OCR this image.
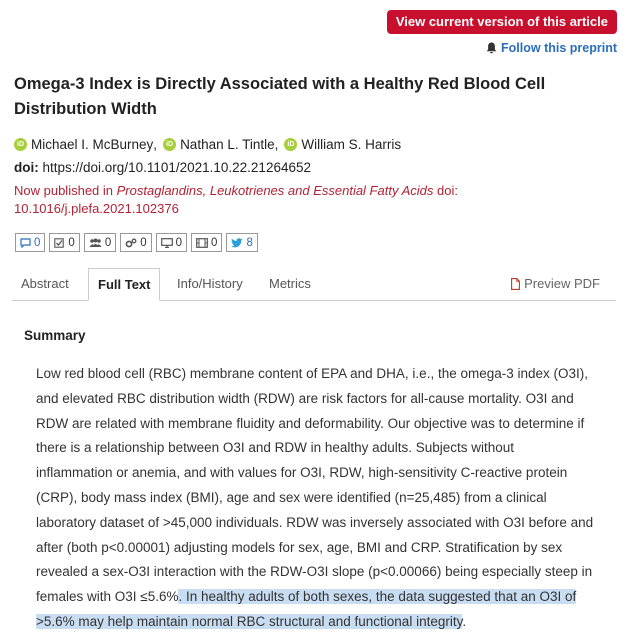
View current version of this article
Follow this preprint
Omega-3 Index is Directly Associated with a Healthy Red Blood Cell Distribution Width
iD Michael I. McBurney ,	iD Nathan L. Tintle ,	iD William S. Harris
doi: https://doi.org/10.1101/2021.10.22.21264652
Now published in Prostaglandins, Leukotrienes and Essential Fatty Acids doi:
10.1016/j.plefa.2021.102376
0 0	0	0	0	0	8
Abstract	Full Text	Info/History	Metrics	Preview PDF
Summary

Low red blood cell (RBC) membrane content of EPA and DHA, i.e., the omega-3 index (O3I), and elevated RBC distribution width (RDW) are risk factors for all-cause mortality. O3I and RDW are related with membrane fluidity and deformability. Our objective was to determine if there is a relationship between O3I and RDW in healthy adults. Subjects without inflammation or anemia, and with values for O3I, RDW, high-sensitivity C-reactive protein (CRP), body mass index (BMI), age and sex were identified (n=25,485) from a clinical laboratory dataset of >45,000 individuals. RDW was inversely associated with O3I before and after (both p<0.00001) adjusting models for sex, age, BMI and CRP. Stratification by sex revealed a sex-O3I interaction with the RDW-O3I slope (p<0.00066) being especially steep in females with O3I ≤5.6%. In healthy adults of both sexes, the data suggested that an O3I of >5.6% may help maintain normal RBC structural and functional integrity.
